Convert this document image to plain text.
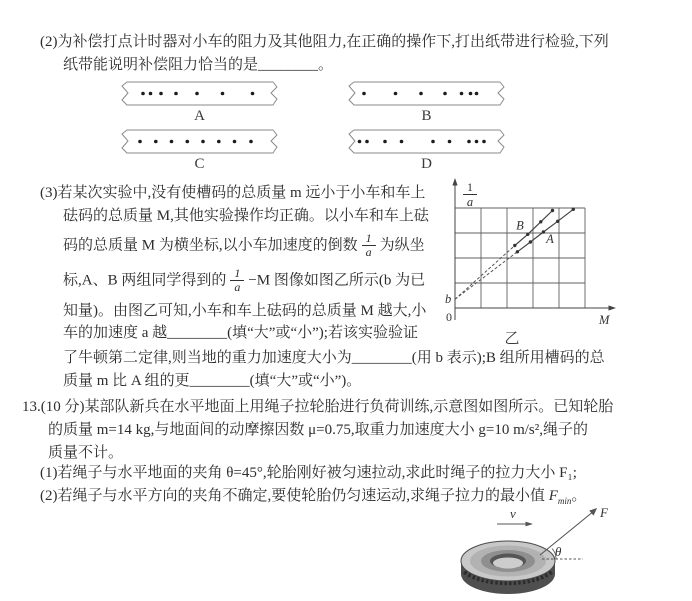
(2)为补偿打点计时器对小车的阻力及其他阻力,在正确的操作下,打出纸带进行检验,下列
纸带能说明补偿阻力恰当的是________。
A	B
C	D
(3)若某次实验中,没有使槽码的总质量 m 远小于小车和车上
砝码的总质量 M,其他实验操作均正确。以小车和车上砝
码的总质量 M 为横坐标,以小车加速度的倒数 $\frac{1}{a}$ 为纵坐
标,A、B 两组同学得到的 $\frac{1}{a} -M$ 图像如图乙所示(b 为已
知量)。由图乙可知,小车和车上砝码的总质量 M 越大,小
车的加速度 a 越________(填“大”或“小”);若该实验验证
了牛顿第二定律,则当地的重力加速度大小为________(用 b 表示);B 组所用槽码的总
质量 m 比 A 组的更________(填“大”或“小”)。
1
a
b
0	M
B
A
乙
13.(10 分)某部队新兵在水平地面上用绳子拉轮胎进行负荷训练,示意图如图所示。已知轮胎
的质量 m=14 kg,与地面间的动摩擦因数 μ=0.75,取重力加速度大小 g=10 m/s²,绳子的
质量不计。
(1)若绳子与水平地面的夹角 θ=45°,轮胎刚好被匀速拉动,求此时绳子的拉力大小 F₁;
(2)若绳子与水平方向的夹角不确定,要使轮胎仍匀速运动,求绳子拉力的最小值 $F_{min}$。
v	F
θ
